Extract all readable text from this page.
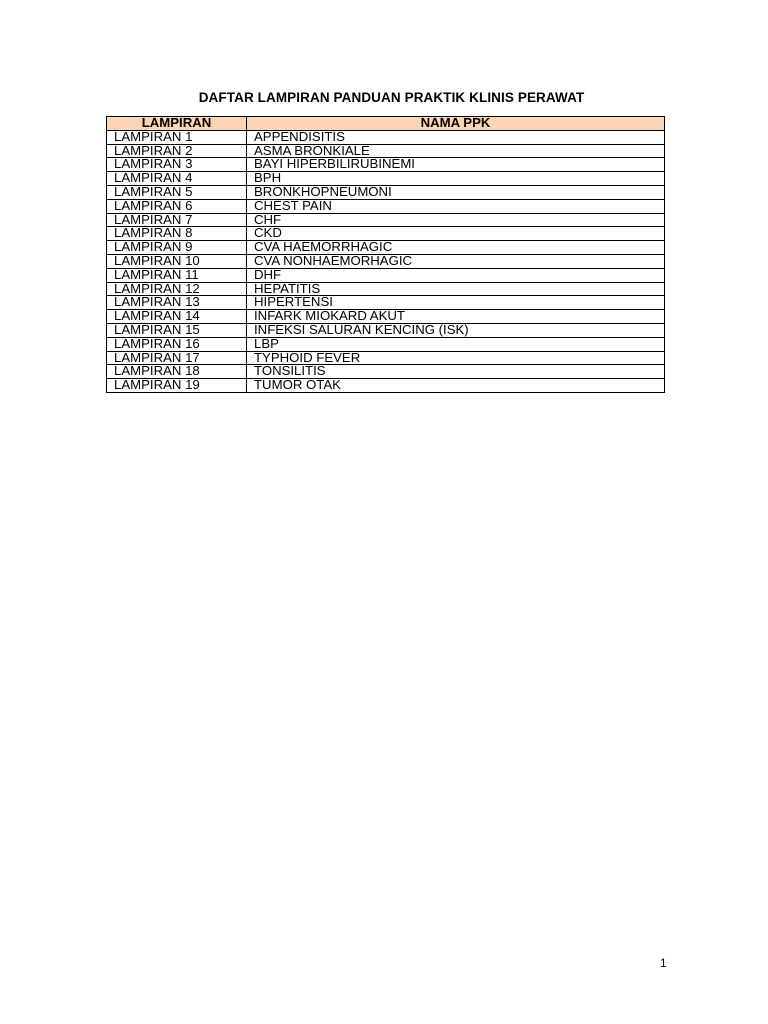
DAFTAR LAMPIRAN PANDUAN PRAKTIK KLINIS PERAWAT
LAMPIRAN	NAMA PPK
LAMPIRAN 1	APPENDISITIS
LAMPIRAN 2	ASMA BRONKIALE
LAMPIRAN 3	BAYI HIPERBILIRUBINEMI
LAMPIRAN 4	BPH
LAMPIRAN 5	BRONKHOPNEUMONI
LAMPIRAN 6	CHEST PAIN
LAMPIRAN 7	CHF
LAMPIRAN 8	CKD
LAMPIRAN 9	CVA HAEMORRHAGIC
LAMPIRAN 10	CVA NONHAEMORHAGIC
LAMPIRAN 11	DHF
LAMPIRAN 12	HEPATITIS
LAMPIRAN 13	HIPERTENSI
LAMPIRAN 14	INFARK MIOKARD AKUT
LAMPIRAN 15	INFEKSI SALURAN KENCING (ISK)
LAMPIRAN 16	LBP
LAMPIRAN 17	TYPHOID FEVER
LAMPIRAN 18	TONSILITIS
LAMPIRAN 19	TUMOR OTAK
1
